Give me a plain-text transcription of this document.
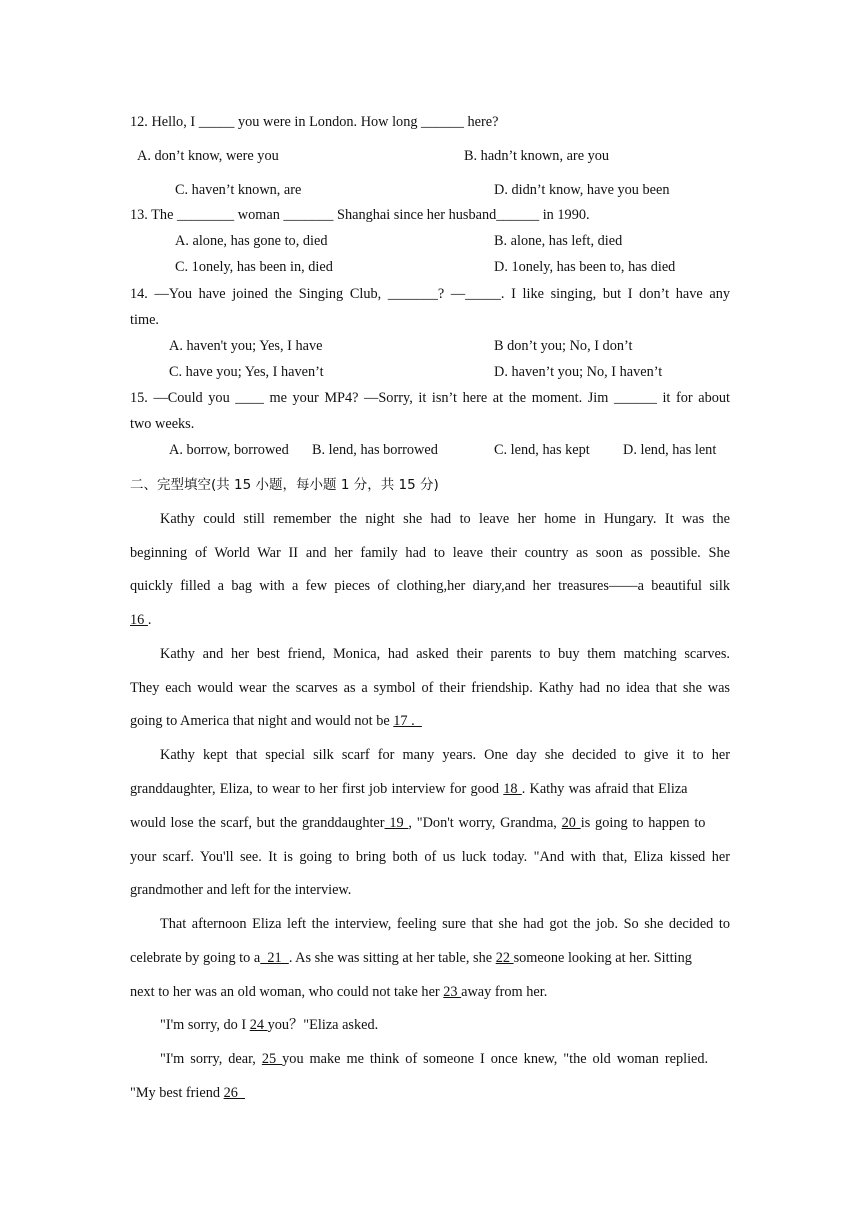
12. Hello, I _____ you were in London. How long ______ here?
A. don’t know, were you	B. hadn’t known, are you
C. haven’t known, are	D. didn’t know, have you been
13. The ________ woman _______ Shanghai since her husband______ in 1990.
A. alone, has gone to, died	B. alone, has left, died
C. 1onely, has been in, died	D. 1onely, has been to, has died
14. —You have joined the Singing Club, _______? —_____. I like singing, but I don’t have any
time.
A. haven't you; Yes, I have	B don’t you; No, I don’t
C. have you; Yes, I haven’t	D. haven’t you; No, I haven’t
15. —Could you ____ me your MP4? —Sorry, it isn’t here at the moment. Jim ______ it for about
two weeks.
A. borrow, borrowed B. lend, has borrowed	C. lend, has kept D. lend, has lent
二、完型填空(共 15 小题，每小题 1 分，共 15 分)
Kathy could still remember the night she had to leave her home in Hungary. It was the
beginning of World War II and her family had to leave their country as soon as possible. She
quickly filled a bag with a few pieces of clothing,her diary,and her treasures——a beautiful silk
16 .
Kathy and her best friend, Monica, had asked their parents to buy them matching scarves.
They each would wear the scarves as a symbol of their friendship. Kathy had no idea that she was
going to America that night and would not be 17 .
Kathy kept that special silk scarf for many years. One day she decided to give it to her
granddaughter, Eliza, to wear to her first job interview for good 18 . Kathy was afraid that Eliza
would lose the scarf, but the granddaughter 19 , "Don't worry, Grandma, 20 is going to happen to
your scarf. You'll see. It is going to bring both of us luck today. "And with that, Eliza kissed her
grandmother and left for the interview.
That afternoon Eliza left the interview, feeling sure that she had got the job. So she decided to
celebrate by going to a  21  . As she was sitting at her table, she 22 someone looking at her. Sitting
next to her was an old woman, who could not take her 23 away from her.
"I'm sorry, do I 24 you？"Eliza asked.
"I'm sorry, dear, 25 you make me think of someone I once knew, "the old woman replied.
"My best friend 26
